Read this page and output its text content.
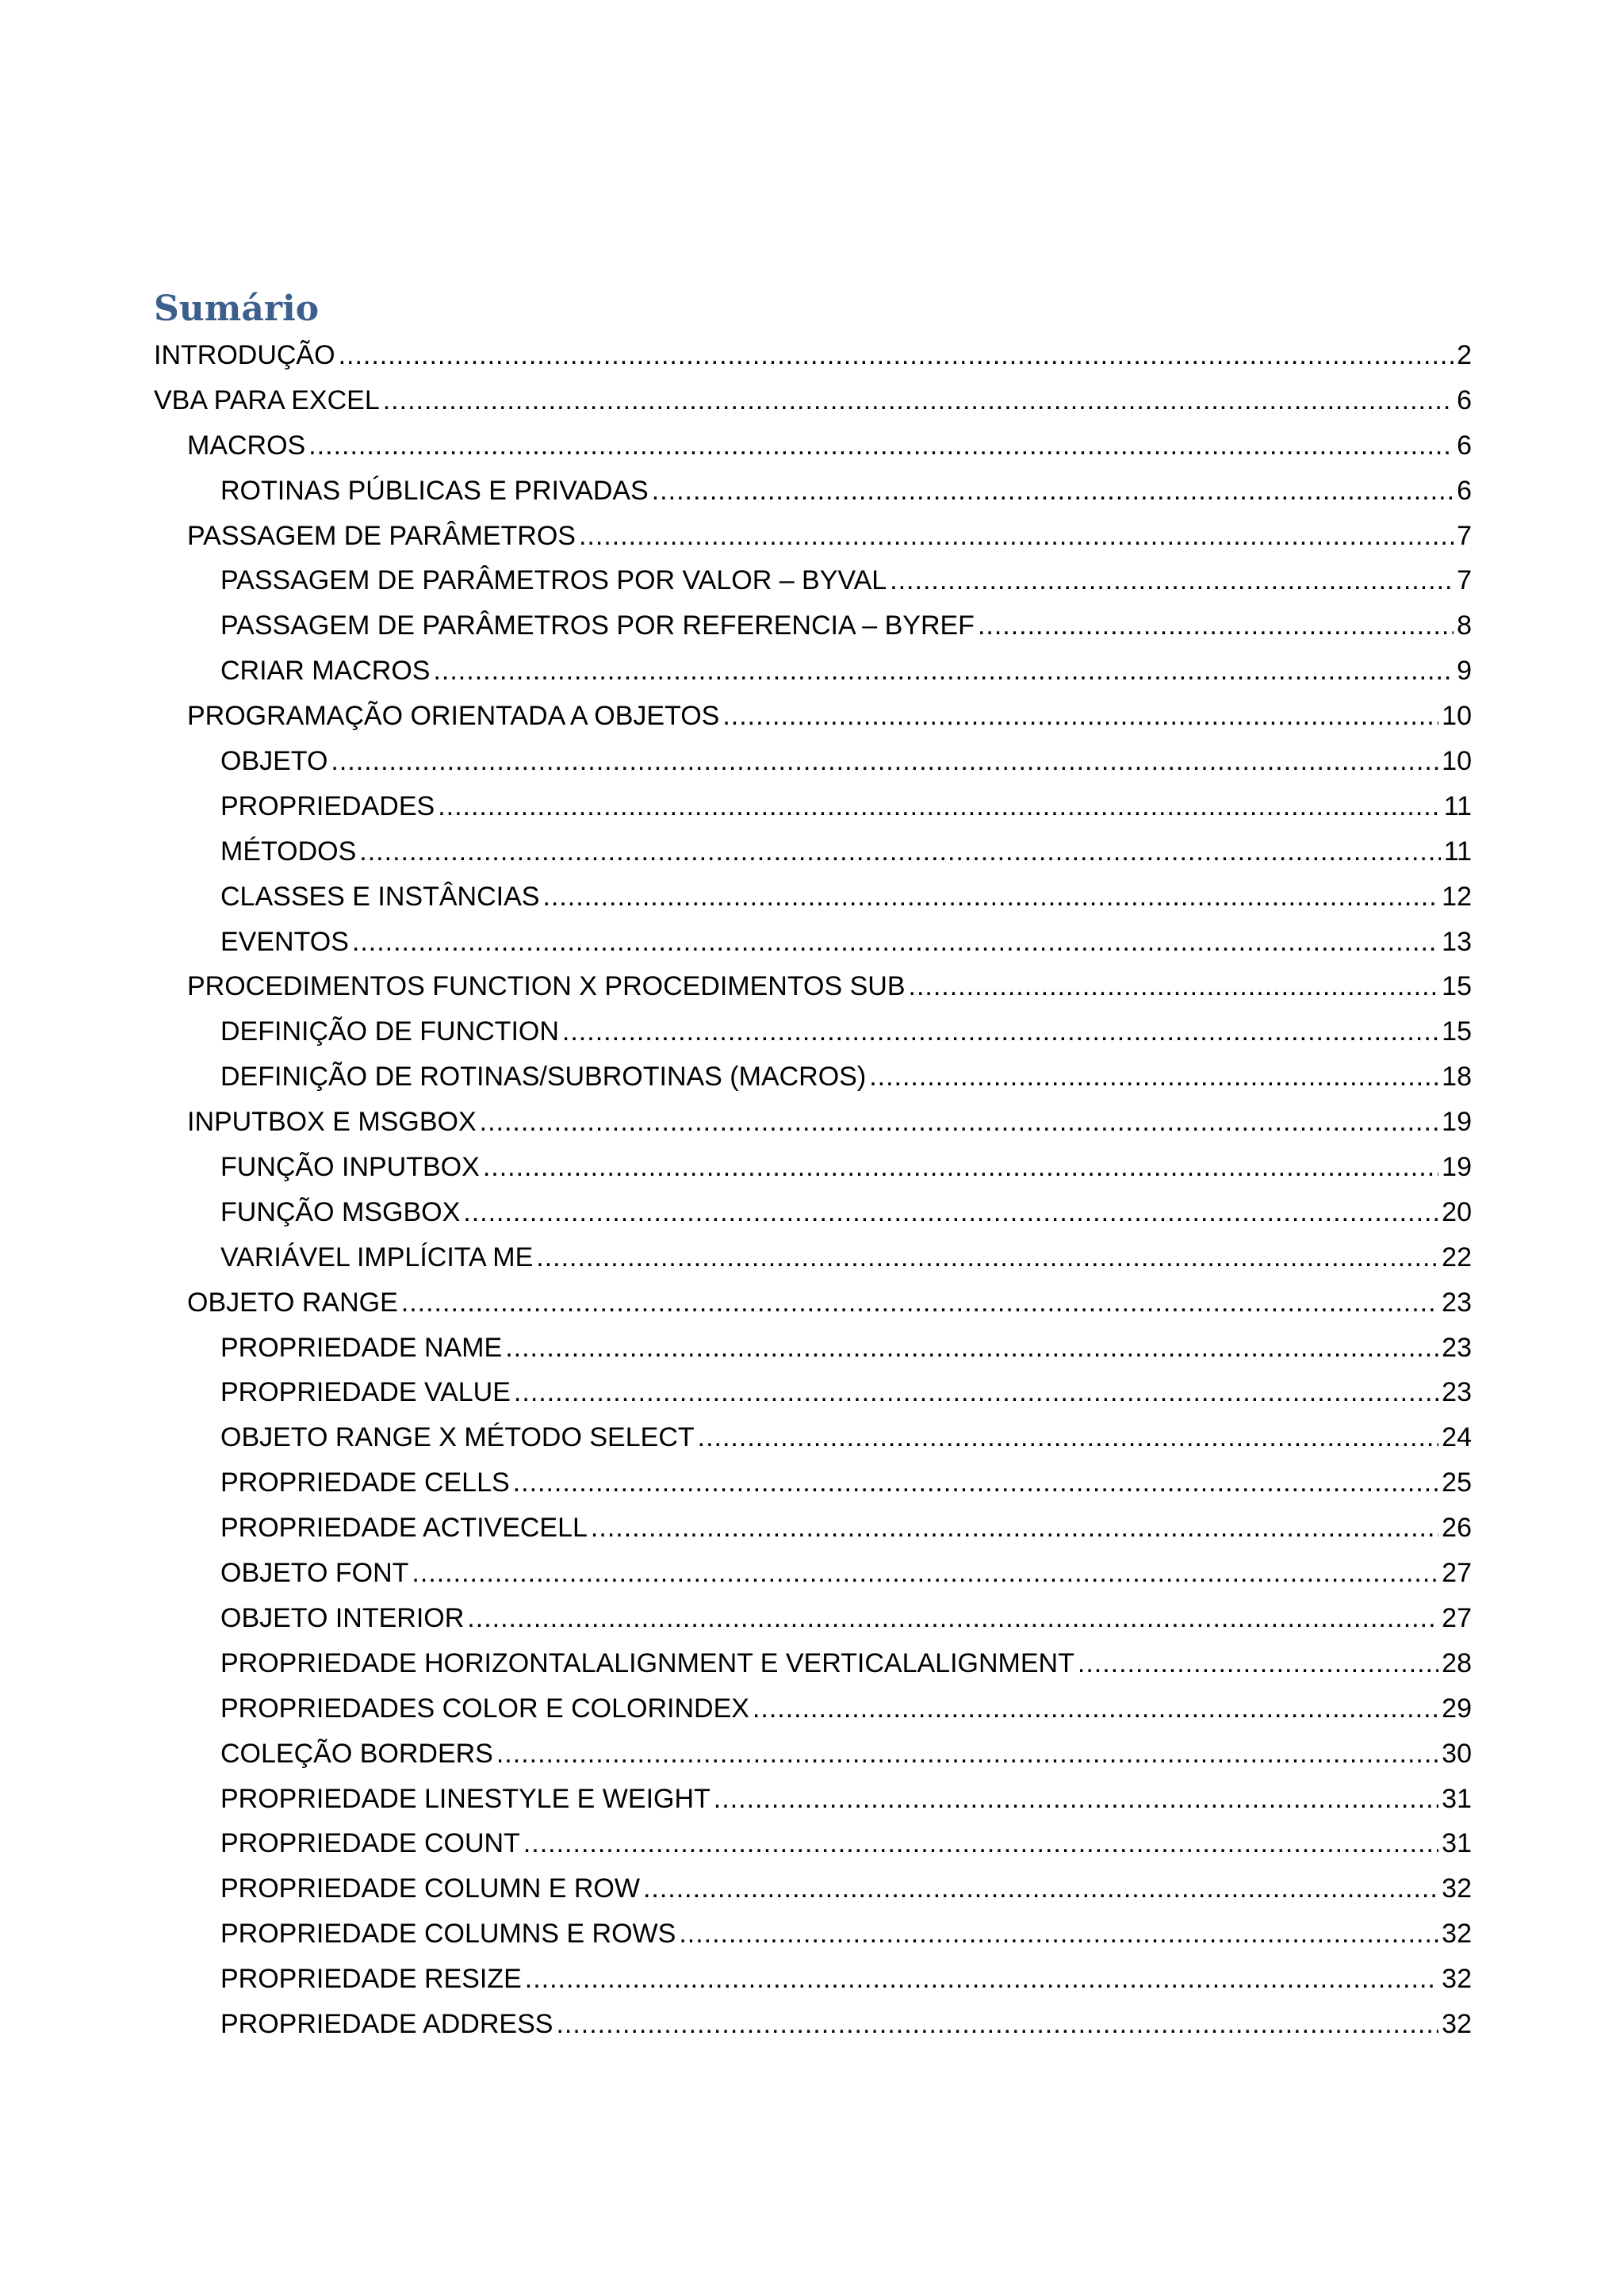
Sumário
INTRODUÇÃO .....	2
VBA PARA EXCEL .....	6
MACROS .....	6
ROTINAS PÚBLICAS E PRIVADAS .....	6
PASSAGEM DE PARÂMETROS .....	7
PASSAGEM DE PARÂMETROS POR VALOR – BYVAL .....	7
PASSAGEM DE PARÂMETROS POR REFERENCIA – BYREF .....	8
CRIAR MACROS .....	9
PROGRAMAÇÃO ORIENTADA A OBJETOS .....	10
OBJETO .....	10
PROPRIEDADES .....	11
MÉTODOS .....	11
CLASSES E INSTÂNCIAS .....	12
EVENTOS .....	13
PROCEDIMENTOS FUNCTION X PROCEDIMENTOS SUB .....	15
DEFINIÇÃO DE FUNCTION .....	15
DEFINIÇÃO DE ROTINAS/SUBROTINAS (MACROS) .....	18
INPUTBOX E MSGBOX .....	19
FUNÇÃO INPUTBOX .....	19
FUNÇÃO MSGBOX .....	20
VARIÁVEL IMPLÍCITA ME .....	22
OBJETO RANGE .....	23
PROPRIEDADE NAME .....	23
PROPRIEDADE VALUE .....	23
OBJETO RANGE X MÉTODO SELECT .....	24
PROPRIEDADE CELLS .....	25
PROPRIEDADE ACTIVECELL .....	26
OBJETO FONT .....	27
OBJETO INTERIOR .....	27
PROPRIEDADE HORIZONTALALIGNMENT E VERTICALALIGNMENT .....	28
PROPRIEDADES COLOR E COLORINDEX .....	29
COLEÇÃO BORDERS .....	30
PROPRIEDADE LINESTYLE E WEIGHT .....	31
PROPRIEDADE COUNT .....	31
PROPRIEDADE COLUMN E ROW .....	32
PROPRIEDADE COLUMNS E ROWS .....	32
PROPRIEDADE RESIZE .....	32
PROPRIEDADE ADDRESS .....	32
